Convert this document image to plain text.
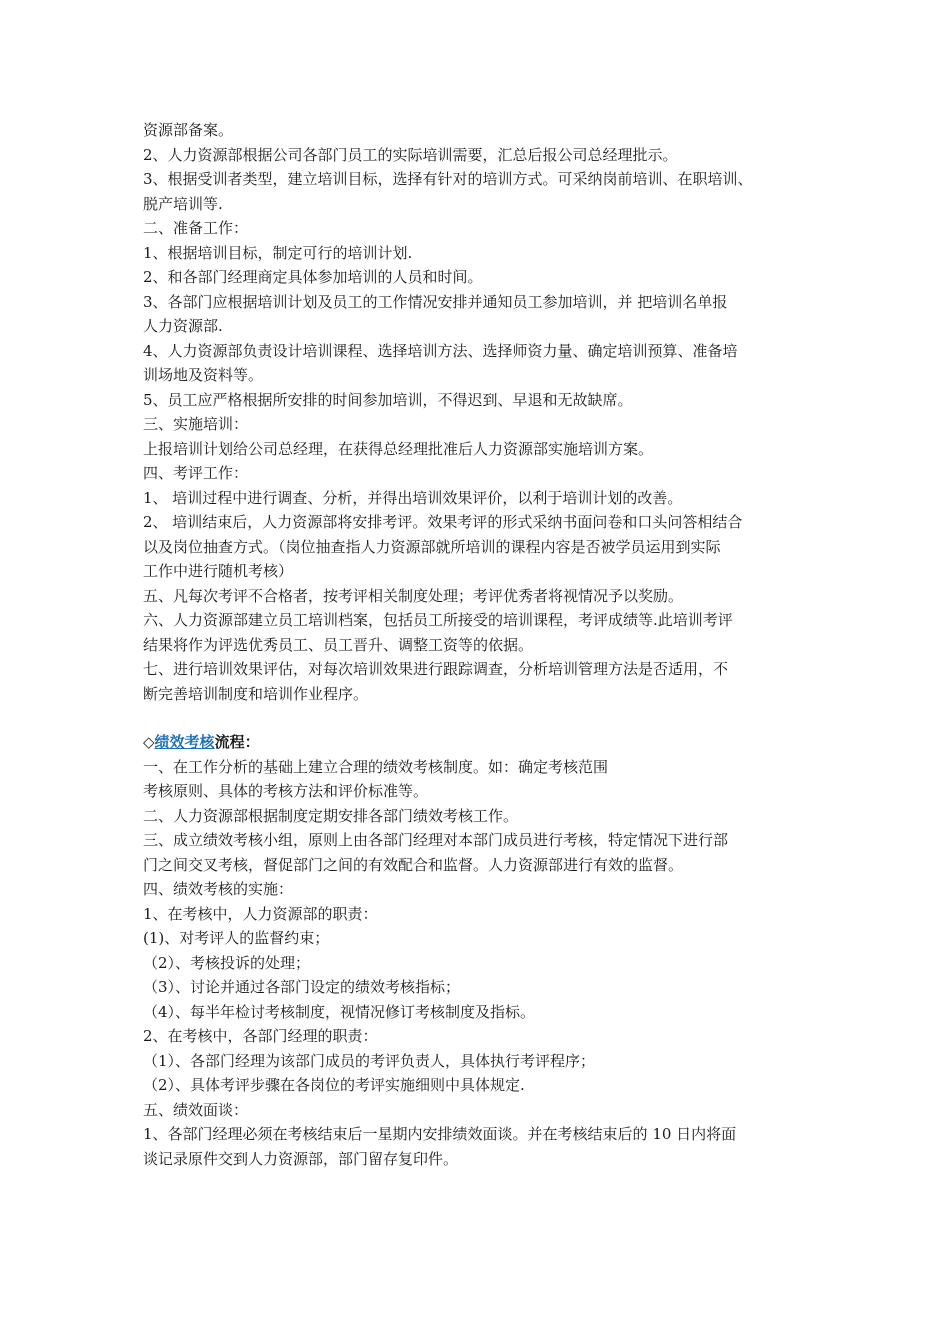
资源部备案。
2、人力资源部根据公司各部门员工的实际培训需要，汇总后报公司总经理批示。
3、根据受训者类型，建立培训目标，选择有针对的培训方式。可采纳岗前培训、在职培训、
脱产培训等.
二、准备工作：
1、根据培训目标，制定可行的培训计划.
2、和各部门经理商定具体参加培训的人员和时间。
3、各部门应根据培训计划及员工的工作情况安排并通知员工参加培训，并 把培训名单报
人力资源部.
4、人力资源部负责设计培训课程、选择培训方法、选择师资力量、确定培训预算、准备培
训场地及资料等。
5、员工应严格根据所安排的时间参加培训，不得迟到、早退和无故缺席。
三、实施培训：
上报培训计划给公司总经理，在获得总经理批准后人力资源部实施培训方案。
四、考评工作：
1、 培训过程中进行调查、分析，并得出培训效果评价，以利于培训计划的改善。
2、 培训结束后，人力资源部将安排考评。效果考评的形式采纳书面问卷和口头问答相结合
以及岗位抽查方式。（岗位抽查指人力资源部就所培训的课程内容是否被学员运用到实际
工作中进行随机考核）
五、凡每次考评不合格者，按考评相关制度处理；考评优秀者将视情况予以奖励。
六、人力资源部建立员工培训档案，包括员工所接受的培训课程，考评成绩等.此培训考评
结果将作为评选优秀员工、员工晋升、调整工资等的依据。
七、进行培训效果评估，对每次培训效果进行跟踪调查，分析培训管理方法是否适用，不
断完善培训制度和培训作业程序。
◇绩效考核流程：
一、在工作分析的基础上建立合理的绩效考核制度。如：确定考核范围
考核原则、具体的考核方法和评价标准等。
二、人力资源部根据制度定期安排各部门绩效考核工作。
三、成立绩效考核小组，原则上由各部门经理对本部门成员进行考核，特定情况下进行部
门之间交叉考核，督促部门之间的有效配合和监督。人力资源部进行有效的监督。
四、绩效考核的实施：
1、在考核中，人力资源部的职责：
(1)、对考评人的监督约束；
（2）、考核投诉的处理；
（3）、讨论并通过各部门设定的绩效考核指标；
（4）、每半年检讨考核制度，视情况修订考核制度及指标。
2、在考核中，各部门经理的职责：
（1）、各部门经理为该部门成员的考评负责人，具体执行考评程序；
（2）、具体考评步骤在各岗位的考评实施细则中具体规定.
五、绩效面谈：
1、各部门经理必须在考核结束后一星期内安排绩效面谈。并在考核结束后的 10 日内将面
谈记录原件交到人力资源部，部门留存复印件。
